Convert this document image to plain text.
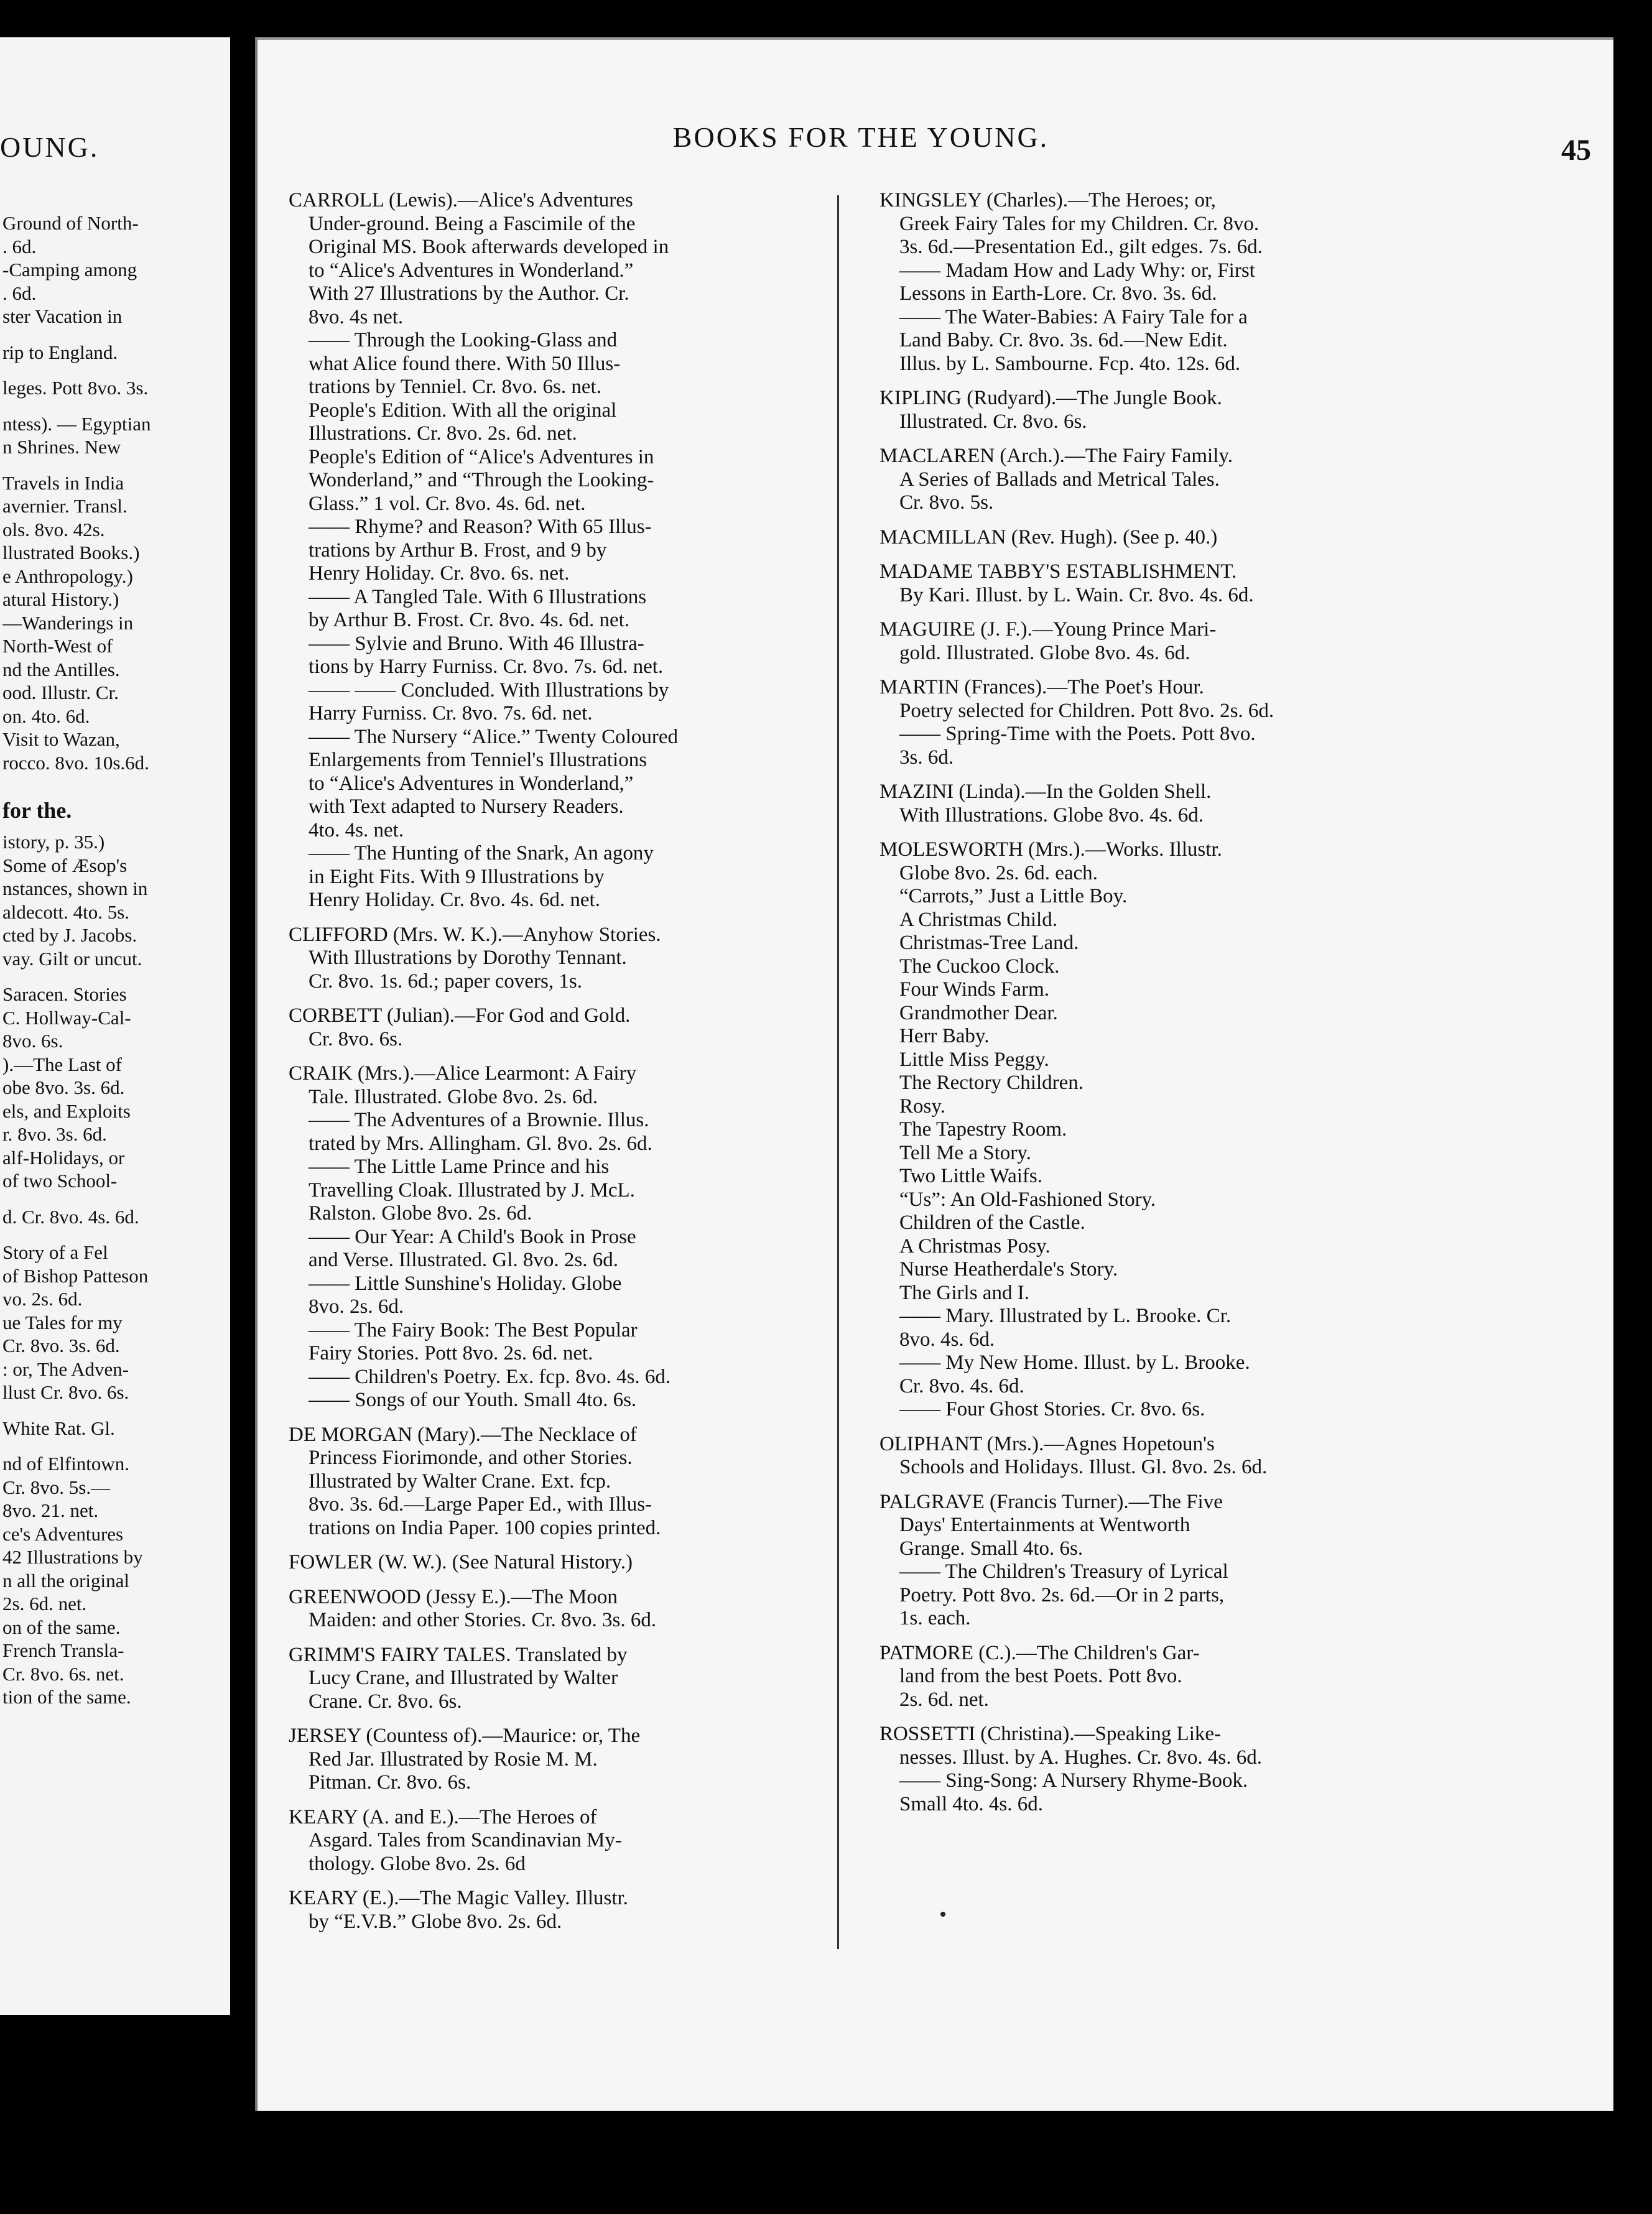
OUNG.
Ground of North-
. 6d.
-Camping among
. 6d.
ster Vacation in
rip to England.
leges. Pott 8vo. 3s.
ntess). — Egyptian
n Shrines. New
Travels in India
avernier. Transl.
ols. 8vo. 42s.
llustrated Books.)
e Anthropology.)
atural History.)
—Wanderings in
North-West of
nd the Antilles.
ood. Illustr. Cr.
on. 4to. 6d.
Visit to Wazan,
rocco. 8vo. 10s.6d.
for the.
istory, p. 35.)
Some of Æsop's
nstances, shown in
aldecott. 4to. 5s.
cted by J. Jacobs.
vay. Gilt or uncut.
Saracen. Stories
C. Hollway-Cal-
8vo. 6s.
).—The Last of
obe 8vo. 3s. 6d.
els, and Exploits
r. 8vo. 3s. 6d.
alf-Holidays, or
of two School-
d. Cr. 8vo. 4s. 6d.
Story of a Fel
of Bishop Patteson
vo. 2s. 6d.
ue Tales for my
Cr. 8vo. 3s. 6d.
: or, The Adven-
llust Cr. 8vo. 6s.
White Rat. Gl.
nd of Elfintown.
Cr. 8vo. 5s.—
8vo. 21. net.
ce's Adventures
42 Illustrations by
n all the original
2s. 6d. net.
on of the same.
French Transla-
Cr. 8vo. 6s. net.
tion of the same.
BOOKS FOR THE YOUNG.	45
CARROLL (Lewis).—Alice's Adventures
Under-ground. Being a Fascimile of the
Original MS. Book afterwards developed in
to “Alice's Adventures in Wonderland.”
With 27 Illustrations by the Author. Cr.
8vo. 4s net.
—— Through the Looking-Glass and
what Alice found there. With 50 Illus-
trations by Tenniel. Cr. 8vo. 6s. net.
People's Edition. With all the original
Illustrations. Cr. 8vo. 2s. 6d. net.
People's Edition of “Alice's Adventures in
Wonderland,” and “Through the Looking-
Glass.” 1 vol. Cr. 8vo. 4s. 6d. net.
—— Rhyme? and Reason? With 65 Illus-
trations by Arthur B. Frost, and 9 by
Henry Holiday. Cr. 8vo. 6s. net.
—— A Tangled Tale. With 6 Illustrations
by Arthur B. Frost. Cr. 8vo. 4s. 6d. net.
—— Sylvie and Bruno. With 46 Illustra-
tions by Harry Furniss. Cr. 8vo. 7s. 6d. net.
—— —— Concluded. With Illustrations by
Harry Furniss. Cr. 8vo. 7s. 6d. net.
—— The Nursery “Alice.” Twenty Coloured
Enlargements from Tenniel's Illustrations
to “Alice's Adventures in Wonderland,”
with Text adapted to Nursery Readers.
4to. 4s. net.
—— The Hunting of the Snark, An agony
in Eight Fits. With 9 Illustrations by
Henry Holiday. Cr. 8vo. 4s. 6d. net.
CLIFFORD (Mrs. W. K.).—Anyhow Stories.
With Illustrations by Dorothy Tennant.
Cr. 8vo. 1s. 6d.; paper covers, 1s.
CORBETT (Julian).—For God and Gold.
Cr. 8vo. 6s.
CRAIK (Mrs.).—Alice Learmont: A Fairy
Tale. Illustrated. Globe 8vo. 2s. 6d.
—— The Adventures of a Brownie. Illus.
trated by Mrs. Allingham. Gl. 8vo. 2s. 6d.
—— The Little Lame Prince and his
Travelling Cloak. Illustrated by J. McL.
Ralston. Globe 8vo. 2s. 6d.
—— Our Year: A Child's Book in Prose
and Verse. Illustrated. Gl. 8vo. 2s. 6d.
—— Little Sunshine's Holiday. Globe
8vo. 2s. 6d.
—— The Fairy Book: The Best Popular
Fairy Stories. Pott 8vo. 2s. 6d. net.
—— Children's Poetry. Ex. fcp. 8vo. 4s. 6d.
—— Songs of our Youth. Small 4to. 6s.
DE MORGAN (Mary).—The Necklace of
Princess Fiorimonde, and other Stories.
Illustrated by Walter Crane. Ext. fcp.
8vo. 3s. 6d.—Large Paper Ed., with Illus-
trations on India Paper. 100 copies printed.
FOWLER (W. W.). (See Natural History.)
GREENWOOD (Jessy E.).—The Moon
Maiden: and other Stories. Cr. 8vo. 3s. 6d.
GRIMM'S FAIRY TALES. Translated by
Lucy Crane, and Illustrated by Walter
Crane. Cr. 8vo. 6s.
JERSEY (Countess of).—Maurice: or, The
Red Jar. Illustrated by Rosie M. M.
Pitman. Cr. 8vo. 6s.
KEARY (A. and E.).—The Heroes of
Asgard. Tales from Scandinavian My-
thology. Globe 8vo. 2s. 6d
KEARY (E.).—The Magic Valley. Illustr.
by “E.V.B.” Globe 8vo. 2s. 6d.
KINGSLEY (Charles).—The Heroes; or,
Greek Fairy Tales for my Children. Cr. 8vo.
3s. 6d.—Presentation Ed., gilt edges. 7s. 6d.
—— Madam How and Lady Why: or, First
Lessons in Earth-Lore. Cr. 8vo. 3s. 6d.
—— The Water-Babies: A Fairy Tale for a
Land Baby. Cr. 8vo. 3s. 6d.—New Edit.
Illus. by L. Sambourne. Fcp. 4to. 12s. 6d.
KIPLING (Rudyard).—The Jungle Book.
Illustrated. Cr. 8vo. 6s.
MACLAREN (Arch.).—The Fairy Family.
A Series of Ballads and Metrical Tales.
Cr. 8vo. 5s.
MACMILLAN (Rev. Hugh). (See p. 40.)
MADAME TABBY'S ESTABLISHMENT.
By Kari. Illust. by L. Wain. Cr. 8vo. 4s. 6d.
MAGUIRE (J. F.).—Young Prince Mari-
gold. Illustrated. Globe 8vo. 4s. 6d.
MARTIN (Frances).—The Poet's Hour.
Poetry selected for Children. Pott 8vo. 2s. 6d.
—— Spring-Time with the Poets. Pott 8vo.
3s. 6d.
MAZINI (Linda).—In the Golden Shell.
With Illustrations. Globe 8vo. 4s. 6d.
MOLESWORTH (Mrs.).—Works. Illustr.
Globe 8vo. 2s. 6d. each.
“Carrots,” Just a Little Boy.
A Christmas Child.
Christmas-Tree Land.
The Cuckoo Clock.
Four Winds Farm.
Grandmother Dear.
Herr Baby.
Little Miss Peggy.
The Rectory Children.
Rosy.
The Tapestry Room.
Tell Me a Story.
Two Little Waifs.
“Us”: An Old-Fashioned Story.
Children of the Castle.
A Christmas Posy.
Nurse Heatherdale's Story.
The Girls and I.
—— Mary. Illustrated by L. Brooke. Cr.
8vo. 4s. 6d.
—— My New Home. Illust. by L. Brooke.
Cr. 8vo. 4s. 6d.
—— Four Ghost Stories. Cr. 8vo. 6s.
OLIPHANT (Mrs.).—Agnes Hopetoun's
Schools and Holidays. Illust. Gl. 8vo. 2s. 6d.
PALGRAVE (Francis Turner).—The Five
Days' Entertainments at Wentworth
Grange. Small 4to. 6s.
—— The Children's Treasury of Lyrical
Poetry. Pott 8vo. 2s. 6d.—Or in 2 parts,
1s. each.
PATMORE (C.).—The Children's Gar-
land from the best Poets. Pott 8vo.
2s. 6d. net.
ROSSETTI (Christina).—Speaking Like-
nesses. Illust. by A. Hughes. Cr. 8vo. 4s. 6d.
—— Sing-Song: A Nursery Rhyme-Book.
Small 4to. 4s. 6d.
